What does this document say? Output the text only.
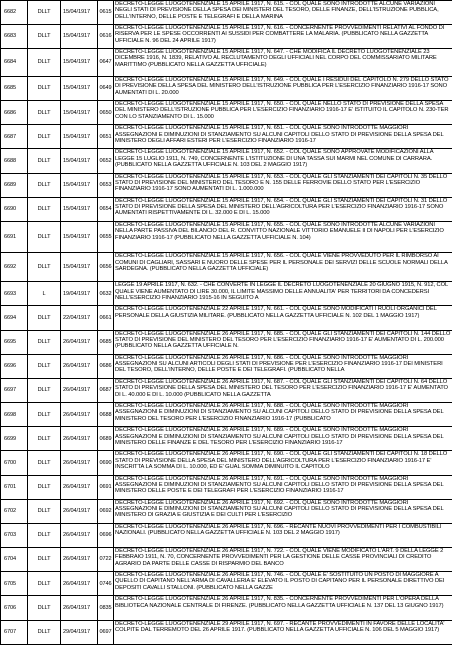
6682	DLLT	15/04/1917	0615	DECRETO-LEGGE LUOGOTENENZIALE 15 APRILE 1917, N. 615. - COL QUALE SONO INTRODOTTE ALCUNE VARIAZIONI NEGLI STATI DI PREVISIONE DELLA SPESA DEI MINISTERI DEL TESORO, DELLE FINANZE, DELL'ISTRUZIONE PUBBLICA, DELL'INTERNO, DELLE POSTE E TELEGRAFI E DELLA MARINA
6683	DLLT	15/04/1917	0616	DECRETO-LEGGE LUOGOTENENZIALE 15 APRILE 1917, N. 616. - CONCERNENTE PROVVEDIMENTI RELATIVI AL FONDO DI RISERVA PER LE SPESE OCCORRENTI AI SUSSIDI PER COMBATTERE LA MALARIA. (PUBBLICATO NELLA GAZZETTA UFFICIALE N. 96 DEL 24 APRILE 1917)
6684	DLLT	15/04/1917	0647	DECRETO-LEGGE LUOGOTENENZIALE 15 APRILE 1917, N. 647. - CHE MODIFICA IL DECRETO LUOGOTENENZIALE 23 DICEMBRE 1916, N. 1839, RELATIVO AL RECLUTAMENTO DEGLI UFFICIALI NEL CORPO DEL COMMISSARIATO MILITARE MARITTIMO (PUBBLICATO NELLA GAZZETTA UFFICIALE)
6685	DLLT	15/04/1917	0649	DECRETO-LEGGE LUOGOTENENZIALE 15 APRILE 1917, N. 649. - COL QUALE I RESIDUI DEL CAPITOLO N. 279 DELLO STATO DI PREVISIONE DELLA SPESA DEL MINISTERO DELL'ISTRUZIONE PUBBLICA PER L'ESERCIZIO FINANZIARIO 1916-17 SONO AUMENTATI DI L. 20.000
6686	DLLT	15/04/1917	0650	DECRETO-LEGGE LUOGOTENENZIALE 15 APRILE 1917, N. 650. - COL QUALE NELLO STATO DI PREVISIONE DELLA SPESA DEL MINISTERO DELL'ISTRUZIONE PUBBLICA PER L'ESERCIZIO FINANZIARIO 1916-17 E' ISTITUITO IL CAPITOLO N. 230-TER CON LO STANZIAMENTO DI L. 15.000
6687	DLLT	15/04/1917	0651	DECRETO-LEGGE LUOGOTENENZIALE 15 APRILE 1917, N. 651. - COL QUALE SONO INTRODOTTE MAGGIORI ASSEGNAZIONI E DIMINUZIONI DI STANZIAMENTO SU ALCUNI CAPITOLI DELLO STATO DI PREVISIONE DELLA SPESA DEL MINISTERO DEGLI AFFARI ESTERI PER L'ESERCIZIO FINANZIARIO 1916-17
6688	DLLT	15/04/1917	0652	DECRETO-LEGGE LUOGOTENENZIALE 15 APRILE 1917, N. 652. - COL QUALE SONO APPROVATE MODIFICAZIONI ALLA LEGGE 15 LUGLIO 1911, N. 749, CONCERNENTE L'ISTITUZIONE DI UNA TASSA SUI MARMI NEL COMUNE DI CARRARA. (PUBBLICATO NELLA GAZZETTA UFFICIALE N. 103 DEL 2 MAGGIO 1917)
6689	DLLT	15/04/1917	0653	DECRETO-LEGGE LUOGOTENENZIALE 15 APRILE 1917, N. 653. - COL QUALE GLI STANZIAMENTI DEI CAPITOLI N. 35 DELLO STATO DI PREVISIONE DEL MINISTERO DEL TESORO E N. 155 DELLE FERROVIE DELLO STATO PER L'ESERCIZIO FINANZIARIO 1916-17 SONO AUMENTATI DI L. 1.000.000
6690	DLLT	15/04/1917	0654	DECRETO-LEGGE LUOGOTENENZIALE 15 APRILE 1917, N. 654. - COL QUALE GLI STANZIAMENTI DEI CAPITOLI N. 31 DELLO STATO DI PREVISIONE DELLA SPESA DEL MINISTERO DELL'AGRICOLTURA PER L'ESERCIZIO FINANZIARIO 1916-17 SONO AUMENTATI RISPETTIVAMENTE DI L. 32.000 E DI L. 15.000
6691	DLLT	15/04/1917	0655	DECRETO-LEGGE LUOGOTENENZIALE 15 APRILE 1917, N. 655. - COL QUALE SONO INTRODOTTE ALCUNE VARIAZIONI NELLA PARTE PASSIVA DEL BILANCIO DEL R. CONVITTO NAZIONALE VITTORIO EMANUELE II DI NAPOLI PER L'ESERCIZIO FINANZIARIO 1916-17 (PUBBLICATO NELLA GAZZETTA UFFICIALE N. 104)
6692	DLLT	15/04/1917	0656	DECRETO-LEGGE LUOGOTENENZIALE 15 APRILE 1917, N. 656. - COL QUALE VIENE PROVVEDUTO PER IL RIMBORSO AI COMUNI DI CAGLIARI, SASSARI E NUORO DELLE SPESE PER IL PERSONALE DEI SERVIZI DELLE SCUOLE NORMALI DELLA SARDEGNA. (PUBBLICATO NELLA GAZZETTA UFFICIALE)
6693	L	19/04/1917	0632	LEGGE 19 APRILE 1917, N. 632. - CHE CONVERTE IN LEGGE IL DECRETO LUOGOTENENZIALE 20 GIUGNO 1915, N. 912, COL QUALE VIENE AUMENTATO DI LIRE 30.000, IL LIMITE MASSIMO DELLE ANNUALITA' PER TERRITORI DA CONCEDERSI NELL'ESERCIZIO FINANZIARIO 1915-16 IN SEGUITO A
6694	DLLT	22/04/1917	0661	DECRETO-LEGGE LUOGOTENENZIALE 22 APRILE 1917, N. 661. - COL QUALE SONO MODIFICATI I RUOLI ORGANICI DEL PERSONALE DELLA GIUSTIZIA MILITARE. (PUBBLICATO NELLA GAZZETTA UFFICIALE N. 102 DEL 1 MAGGIO 1917)
6695	DLLT	26/04/1917	0685	DECRETO-LEGGE LUOGOTENENZIALE 26 APRILE 1917, N. 685. - COL QUALE GLI STANZIAMENTI DEI CAPITOLI N. 144 DELLO STATO DI PREVISIONE DEL MINISTERO DEL TESORO PER L'ESERCIZIO FINANZIARIO 1916-17 E' AUMENTATO DI L. 200.000 (PUBBLICATO NELLA GAZZETTA UFFICIALE N.
6696	DLLT	26/04/1917	0686	DECRETO-LEGGE LUOGOTENENZIALE 26 APRILE 1917, N. 686. - COL QUALE SONO INTRODOTTE MAGGIORI ASSEGNAZIONI SU ALCUNI ARTICOLI DEGLI STATI DI PREVISIONE PER L'ESERCIZIO FINANZIARIO 1916-17 DEI MINISTERI DEL TESORO, DELL'INTERNO, DELLE POSTE E DEI TELEGRAFI. (PUBBLICATO NELLA
6697	DLLT	26/04/1917	0687	DECRETO-LEGGE LUOGOTENENZIALE 26 APRILE 1917, N. 687. - COL QUALE GLI STANZIAMENTI DEI CAPITOLI N. 64 DELLO STATO DI PREVISIONE DELLA SPESA DEL MINISTERO DEL TESORO PER L'ESERCIZIO FINANZIARIO 1916-17 E' AUMENTATO DI L. 40.000 E DI L. 10.000 (PUBBLICATO NELLA GAZZETTA
6698	DLLT	26/04/1917	0688	DECRETO-LEGGE LUOGOTENENZIALE 26 APRILE 1917, N. 688. - COL QUALE SONO INTRODOTTE MAGGIORI ASSEGNAZIONI E DIMINUZIONI DI STANZIAMENTO SU ALCUNI CAPITOLI DELLO STATO DI PREVISIONE DELLA SPESA DEL MINISTERO DEL TESORO PER L'ESERCIZIO FINANZIARIO 1916-17 (PUBBLICATO
6699	DLLT	26/04/1917	0689	DECRETO-LEGGE LUOGOTENENZIALE 26 APRILE 1917, N. 689. - COL QUALE SONO INTRODOTTE MAGGIORI ASSEGNAZIONI E DIMINUZIONI DI STANZIAMENTO SU ALCUNI CAPITOLI DELLO STATO DI PREVISIONE DELLA SPESA DEL MINISTERO DELLE FINANZE E DEL TESORO PER L'ESERCIZIO FINANZIARIO 1916-17
6700	DLLT	26/04/1917	0690	DECRETO-LEGGE LUOGOTENENZIALE 26 APRILE 1917, N. 690. - COL QUALE GLI STANZIAMENTI DEI CAPITOLI N. 18 DELLO STATO DI PREVISIONE DELLA SPESA DEL MINISTERO DELL'AGRICOLTURA PER L'ESERCIZIO FINANZIARIO 1916-17 E' INSCRITTA LA SOMMA DI L. 10.000, ED E' GUAL SOMMA DIMINUITO IL CAPITOLO
6701	DLLT	26/04/1917	0691	DECRETO-LEGGE LUOGOTENENZIALE 26 APRILE 1917, N. 691. - COL QUALE SONO INTRODOTTE MAGGIORI ASSEGNAZIONI E DIMINUZIONI DI STANZIAMENTO SU ALCUNI CAPITOLI DELLO STATO DI PREVISIONE DELLA SPESA DEL MINISTERO DELLE POSTE E DEI TELEGRAFI PER L'ESERCIZIO FINANZIARIO 1916-17
6702	DLLT	26/04/1917	0692	DECRETO-LEGGE LUOGOTENENZIALE 26 APRILE 1917, N. 692. - COL QUALE SONO INTRODOTTE MAGGIORI ASSEGNAZIONI E DIMINUZIONI DI STANZIAMENTO SU ALCUNI CAPITOLI DELLO STATO DI PREVISIONE DELLA SPESA DEL MINISTERO DI GRAZIA E GIUSTIZIA E DEI CULTI PER L'ESERCIZIO
6703	DLLT	26/04/1917	0696	DECRETO-LEGGE LUOGOTENENZIALE 26 APRILE 1917, N. 696. - RECANTE NUOVI PROVVEDIMENTI PER I COMBUSTIBILI NAZIONALI. (PUBBLICATO NELLA GAZZETTA UFFICIALE N. 103 DEL 2 MAGGIO 1917)
6704	DLLT	26/04/1917	0722	DECRETO-LEGGE LUOGOTENENZIALE 26 APRILE 1917, N. 722. - COL QUALE VIENE MODIFICATO L'ART. 9 DELLA LEGGE 2 FEBBRAIO 1911, N. 70, CONCERNENTE PROVVEDIMENTI PER LA GESTIONE DELLE CASSE PROVINCIALI DI CREDITO AGRARIO DA PARTE DELLE CASSE DI RISPARMIO DEL BANCO
6705	DLLT	26/04/1917	0746	DECRETO-LEGGE LUOGOTENENZIALE 26 APRILE 1917, N. 746. - COL QUALE E' SOSTITUITO UN POSTO DI MAGGIORE A QUELLO DI CAPITANO NELL'ARMA DI CAVALLERIA E' ELEVATO IL POSTO DI CAPITANO PER IL PERSONALE DIRETTIVO DEI DEPOSITI CAVALLI STALLONI. (PUBBLICATO NELLA GAZZE
6706	DLLT	26/04/1917	0835	DECRETO-LEGGE LUOGOTENENZIALE 26 APRILE 1917, N. 835. - CONCERNENTE PROVVEDIMENTI PER L'OPERA DELLA BIBLIOTECA NAZIONALE CENTRALE DI FIRENZE. (PUBBLICATO NELLA GAZZETTA UFFICIALE N. 137 DEL 13 GIUGNO 1917)
6707	DLLT	29/04/1917	0697	DECRETO-LEGGE LUOGOTENENZIALE 29 APRILE 1917, N. 697. - RECANTE PROVVEDIMENTI IN FAVORE DELLE LOCALITA' COLPITE DAL TERREMOTO DEL 26 APRILE 1917. (PUBBLICATO NELLA GAZZETTA UFFICIALE N. 106 DEL 5 MAGGIO 1917)
